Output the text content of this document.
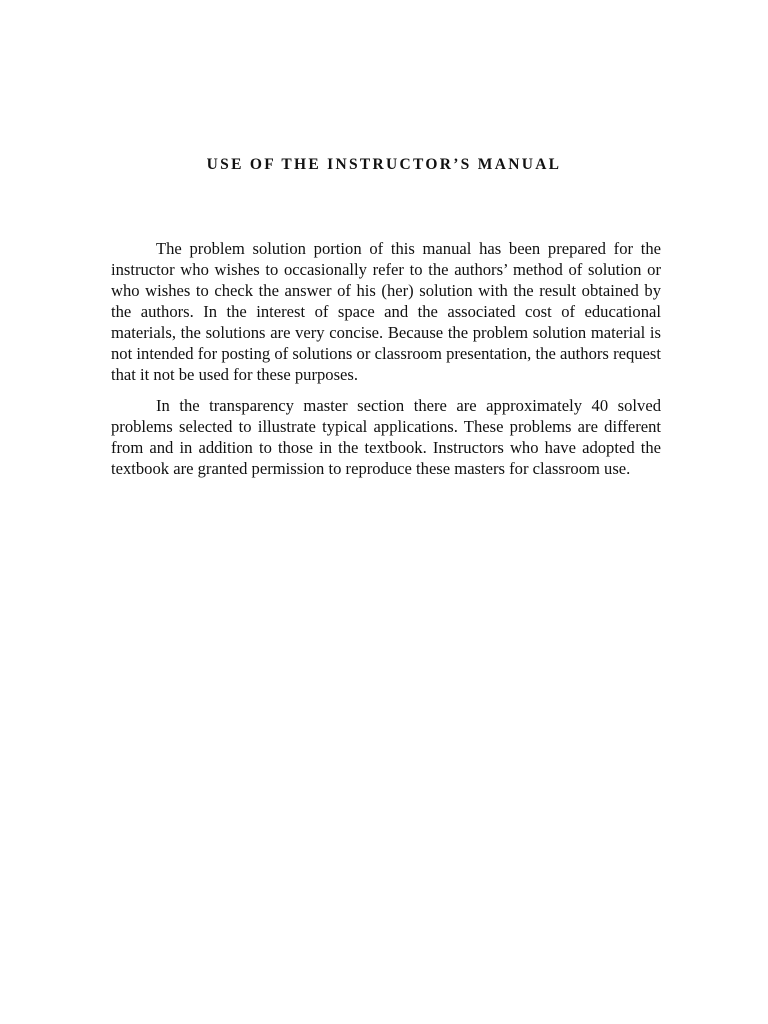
USE OF THE INSTRUCTOR’S MANUAL

The problem solution portion of this manual has been prepared for the instructor who wishes to occasionally refer to the authors’ method of solution or who wishes to check the answer of his (her) solution with the result obtained by the authors. In the interest of space and the associated cost of educational materials, the solutions are very concise. Because the problem solution material is not intended for posting of solutions or classroom presentation, the authors request that it not be used for these purposes.

In the transparency master section there are approximately 40 solved problems selected to illustrate typical applications. These problems are different from and in addition to those in the textbook. Instructors who have adopted the textbook are granted permission to reproduce these masters for classroom use.
